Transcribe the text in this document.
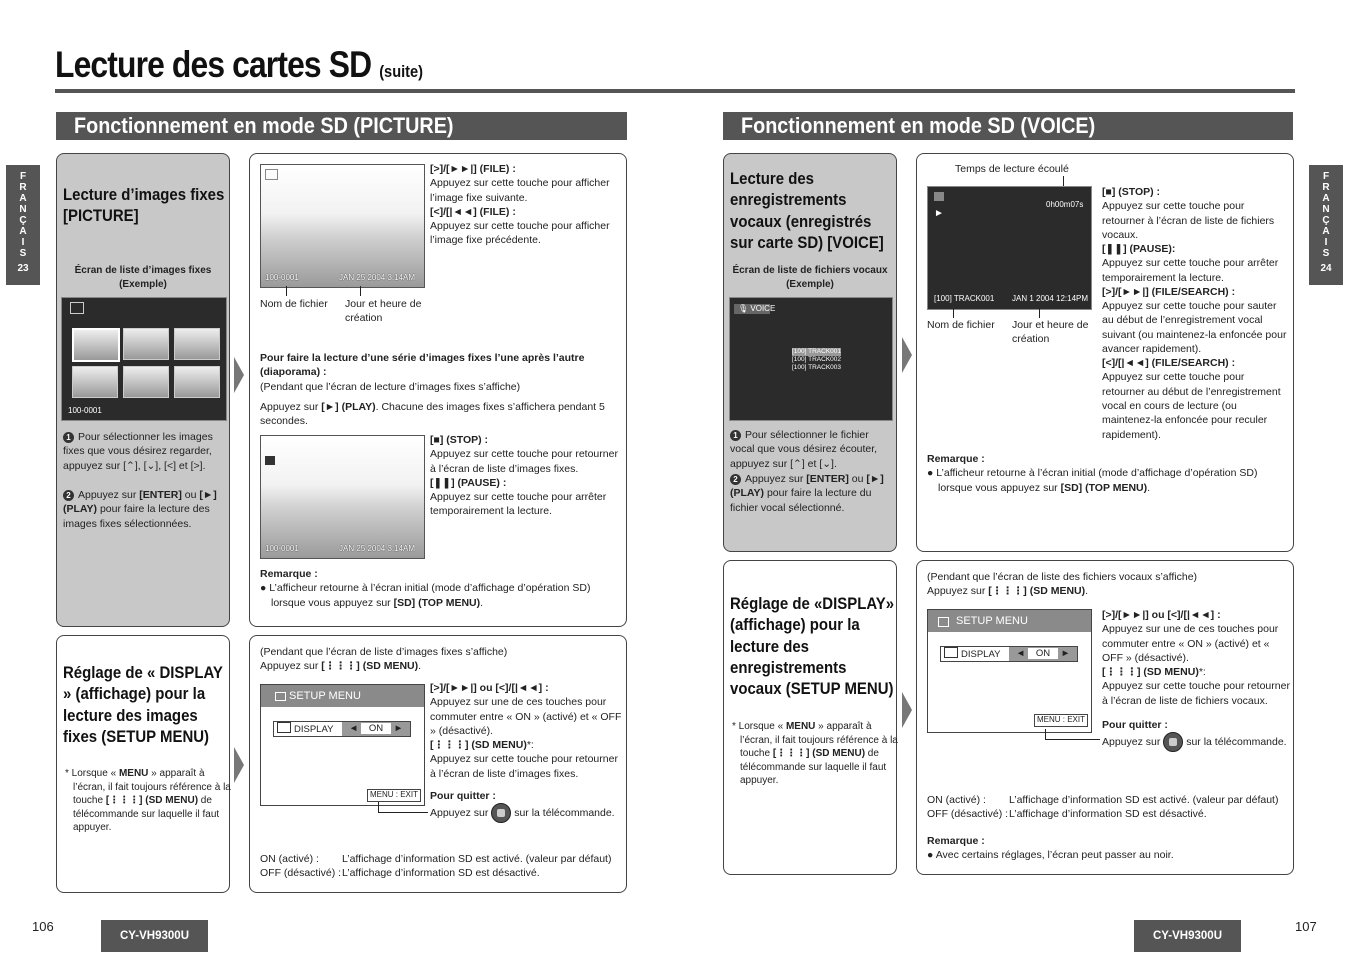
Lecture des cartes SD (suite)
Fonctionnement en mode SD (PICTURE)	Fonctionnement en mode SD (VOICE)
F
R
A
N
Ç
A
I
S
23
F
R
A
N
Ç
A
I
S
24
Lecture d’images fixes [PICTURE]
Écran de liste d’images fixes (Exemple)
100-0001
1 Pour sélectionner les images fixes que vous désirez regarder, appuyez sur [⌃], [⌄], [<] et [>].
2 Appuyez sur [ENTER] ou [►] (PLAY) pour faire la lecture des images fixes sélectionnées.
100-0001	JAN 25 2004 3:14AM
Nom de fichier	Jour et heure de création
[>]/[►►|] (FILE) :
Appuyez sur cette touche pour afficher l’image fixe suivante.
[<]/[|◄◄] (FILE) :
Appuyez sur cette touche pour afficher l’image fixe précédente.
Pour faire la lecture d’une série d’images fixes l’une après l’autre (diaporama) :
(Pendant que l’écran de lecture d’images fixes s’affiche)
Appuyez sur [►] (PLAY). Chacune des images fixes s’affichera pendant 5 secondes.
100-0001	JAN 25 2004 3:14AM
[■] (STOP) :
Appuyez sur cette touche pour retourner à l’écran de liste d’images fixes.
[❚❚] (PAUSE) :
Appuyez sur cette touche pour arrêter temporairement la lecture.
Remarque :
● L’afficheur retourne à l’écran initial (mode d’affichage d’opération SD) lorsque vous appuyez sur [SD] (TOP MENU).
Réglage de « DISPLAY » (affichage) pour la lecture des images fixes (SETUP MENU)
* Lorsque « MENU » apparaît à l’écran, il fait toujours référence à la touche [⋮⋮⋮] (SD MENU) de télécommande sur laquelle il faut appuyer.
(Pendant que l’écran de liste d’images fixes s’affiche)
Appuyez sur [⋮⋮⋮] (SD MENU).
SETUP MENU
DISPLAY	◄ ON ►
MENU : EXIT
[>]/[►►|] ou [<]/[|◄◄] :
Appuyez sur une de ces touches pour commuter entre « ON » (activé) et « OFF » (désactivé).
[⋮⋮⋮] (SD MENU)*:
Appuyez sur cette touche pour retourner à l’écran de liste d’images fixes.
Pour quitter :
Appuyez sur sur la télécommande.
ON (activé) : L’affichage d’information SD est activé. (valeur par défaut)
OFF (désactivé) :L’affichage d’information SD est désactivé.
106
CY-VH9300U
Lecture des enregistrements vocaux (enregistrés sur carte SD) [VOICE]
Écran de liste de fichiers vocaux (Exemple)
🎙 VOICE
[100] TRACK001
[100] TRACK002
[100] TRACK003
1 Pour sélectionner le fichier vocal que vous désirez écouter, appuyez sur [⌃] et [⌄].
2 Appuyez sur [ENTER] ou [►] (PLAY) pour faire la lecture du fichier vocal sélectionné.
Temps de lecture écoulé
►
0h00m07s
[100] TRACK001 JAN 1 2004 12:14PM
Nom de fichier	Jour et heure de création
[■] (STOP) :
Appuyez sur cette touche pour retourner à l’écran de liste de fichiers vocaux.
[❚❚] (PAUSE):
Appuyez sur cette touche pour arrêter temporairement la lecture.
[>]/[►►|] (FILE/SEARCH) :
Appuyez sur cette touche pour sauter au début de l’enregistrement vocal suivant (ou maintenez-la enfoncée pour avancer rapidement).
[<]/[|◄◄] (FILE/SEARCH) :
Appuyez sur cette touche pour retourner au début de l’enregistrement vocal en cours de lecture (ou maintenez-la enfoncée pour reculer rapidement).
Remarque :
● L’afficheur retourne à l’écran initial (mode d’affichage d’opération SD) lorsque vous appuyez sur [SD] (TOP MENU).
Réglage de «DISPLAY» (affichage) pour la lecture des enregistrements vocaux (SETUP MENU)
* Lorsque « MENU » apparaît à l’écran, il fait toujours référence à la touche [⋮⋮⋮] (SD MENU) de télécommande sur laquelle il faut appuyer.
(Pendant que l’écran de liste des fichiers vocaux s’affiche)
Appuyez sur [⋮⋮⋮] (SD MENU).
SETUP MENU
DISPLAY	◄ ON ►
MENU : EXIT
[>]/[►►|] ou [<]/[|◄◄] :
Appuyez sur une de ces touches pour commuter entre « ON » (activé) et « OFF » (désactivé).
[⋮⋮⋮] (SD MENU)*:
Appuyez sur cette touche pour retourner à l’écran de liste de fichiers vocaux.
Pour quitter :
Appuyez sur sur la télécommande.
ON (activé) : L’affichage d’information SD est activé. (valeur par défaut)
OFF (désactivé) :L’affichage d’information SD est désactivé.
Remarque :
● Avec certains réglages, l’écran peut passer au noir.
CY-VH9300U
107
